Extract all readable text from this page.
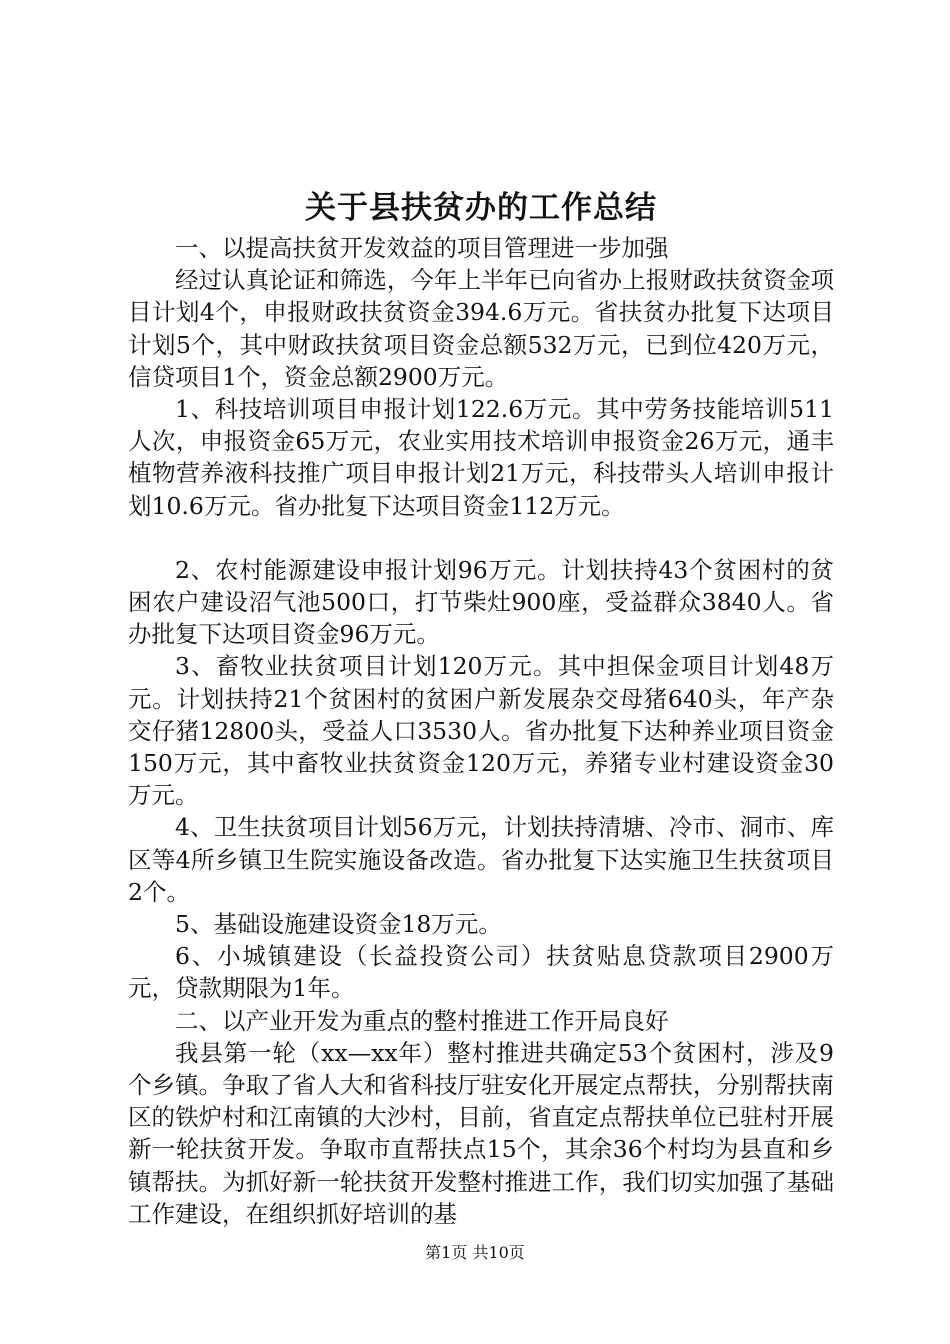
关于县扶贫办的工作总结

一、以提高扶贫开发效益的项目管理进一步加强

经过认真论证和筛选，今年上半年已向省办上报财政扶贫资金项目计划4个，申报财政扶贫资金394.6万元。省扶贫办批复下达项目计划5个，其中财政扶贫项目资金总额532万元，已到位420万元，信贷项目1个，资金总额2900万元。

1、科技培训项目申报计划122.6万元。其中劳务技能培训511人次，申报资金65万元，农业实用技术培训申报资金26万元，通丰植物营养液科技推广项目申报计划21万元，科技带头人培训申报计划10.6万元。省办批复下达项目资金112万元。

2、农村能源建设申报计划96万元。计划扶持43个贫困村的贫困农户建设沼气池500口，打节柴灶900座，受益群众3840人。省办批复下达项目资金96万元。

3、畜牧业扶贫项目计划120万元。其中担保金项目计划48万元。计划扶持21个贫困村的贫困户新发展杂交母猪640头，年产杂交仔猪12800头，受益人口3530人。省办批复下达种养业项目资金150万元，其中畜牧业扶贫资金120万元，养猪专业村建设资金30万元。

4、卫生扶贫项目计划56万元，计划扶持清塘、冷市、洞市、库区等4所乡镇卫生院实施设备改造。省办批复下达实施卫生扶贫项目2个。

5、基础设施建设资金18万元。

6、小城镇建设（长益投资公司）扶贫贴息贷款项目2900万元，贷款期限为1年。

二、以产业开发为重点的整村推进工作开局良好

我县第一轮（xx—xx年）整村推进共确定53个贫困村，涉及9个乡镇。争取了省人大和省科技厅驻安化开展定点帮扶，分别帮扶南区的铁炉村和江南镇的大沙村，目前，省直定点帮扶单位已驻村开展新一轮扶贫开发。争取市直帮扶点15个，其余36个村均为县直和乡镇帮扶。为抓好新一轮扶贫开发整村推进工作，我们切实加强了基础工作建设，在组织抓好培训的基

第1页 共10页
